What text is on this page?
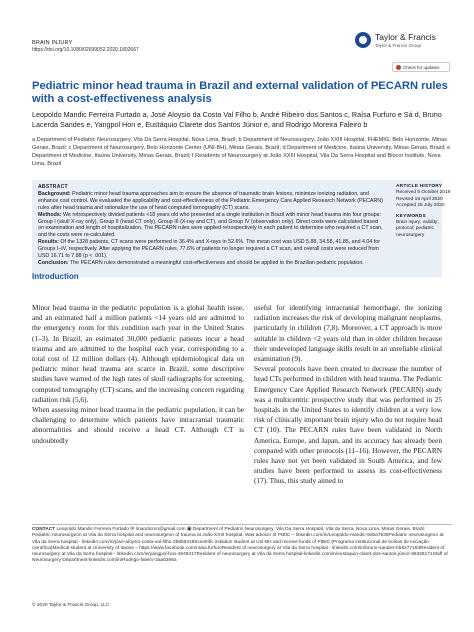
BRAIN INJURY
https://doi.org/10.1080/02699052.2020.1802667
Taylor & Francis
Taylor & Francis Group
Check for updates
Pediatric minor head trauma in Brazil and external validation of PECARN rules with a cost-effectiveness analysis
Leopoldo Mandic Ferreira Furtado a, José Aloysio da Costa Val Filho b, André Ribeiro dos Santos c, Raísa Furfuro e Sá d, Bruno Lacerda Sandes e, Yangpol Hon e, Eustáquio Clarete dos Santos Júnior e, and Rodrigo Moreira Faleiro b
a Department of Pediatric Neurosurgery, Vila Da Serra Hospital, Nova Lima, Brazil; b Department of Neurosurgery, João XXIII Hospital, FHEMIG, Belo Horizonte, Minas Gerais, Brazil; c Department of Neurosurgery, Belo Horizonte Center (UNI-BH), Minas Gerais, Brazil; d Department of Medicine, Itaúna University, Minas Gerais, Brazil; e Department of Medicine, Itaúna University, Minas Gerais, Brazil; f Residents of Neurosurgery at João XXIII Hospital, Vila Da Serra Hospital and Biocor Institute, Nova Lima, Brazil
ABSTRACT
Background: Pediatric minor head trauma approaches aim to ensure the absence of traumatic brain lesions, minimize ionizing radiation, and enhance cost control. We evaluated the applicability and cost-effectiveness of the Pediatric Emergency Care Applied Research Network (PECARN) rules after head trauma and rationalize the use of head computed tomography (CT) scans.
Methods: We retrospectively divided patients <18 years old who presented at a single institution in Brazil with minor head trauma into four groups: Group I (skull X-ray only), Group II (head CT only), Group III (X-ray and CT), and Group IV (observation only). Direct costs were calculated based on examination and length of hospitalization. The PECARN rules were applied retrospectively in each patient to determine who required a CT scan, and the costs were re-calculated.
Results: Of the 1328 patients, CT scans were performed in 36.4% and X-rays in 52.6%. The mean cost was USD 5.88, 34.58, 41.85, and 4.04 for Groups I–IV, respectively. After applying the PECARN rules, 77.6% of patients no longer required a CT scan, and overall costs were reduced from USD 16.71 to 7.88 (p < .001).
Conclusion: The PECARN rules demonstrated a meaningful cost-effectiveness and should be applied to the Brazilian pediatric population.
ARTICLE HISTORY
Received 5 October 2019
Revised 18 April 2020
Accepted 25 July 2020
KEYWORDS
Brain injury; validity; protocol; pediatric neurosurgery
Introduction
Minor head trauma in the pediatric population is a global health issue, and an estimated half a million patients <14 years old are admitted to the emergency room for this condition each year in the United States (1–3). In Brazil, an estimated 30,000 pediatric patients incur a head trauma and are admitted to the hospital each year, corresponding to a total cost of 12 million dollars (4). Although epidemiological data on pediatric minor head trauma are scarce in Brazil, some descriptive studies have warned of the high rates of skull radiographs for screening, computed tomography (CT) scans, and the increasing concern regarding radiation risk (5,6).
When assessing minor head trauma in the pediatric population, it can be challenging to determine which patients have intracranial traumatic abnormalities and should receive a head CT. Although CT is undoubtedly
useful for identifying intracranial hemorrhage, the ionizing radiation increases the risk of developing malignant neoplasms, particularly in children (7,8). Moreover, a CT approach is more suitable in children <2 years old than in older children because their undeveloped language skills result in an unreliable clinical examination (9).
Several protocols have been created to decrease the number of head CTs performed in children with head trauma. The Pediatric Emergency Care Applied Research Network (PECARN) study was a multicentric prospective study that was performed in 25 hospitals in the United States to identify children at a very low risk of clinically important brain injury who do not require head CT (10). The PECARN rules have been validated in North America, Europe, and Japan, and its accuracy has already been compared with other protocols (11–16). However, the PECARN rules have not yet been validated in South America, and few studies have been performed to assess its cost-effectiveness (17). Thus, this study aimed to
CONTACT Leopoldo Mandic Ferreira Furtado ✉ lmandicnm@gmail.com ▣ Department of Pediatric Neurosurgery, Vila Da Serra Hospital, Vila da Serra, Nova Lima, Minas Gerais, Brazil
Pediatric neurosurgeon at Vila da Serra hospital and neurosurgeon of trauma at João XXIII hospital. Was advisor of PIBIC – linkedin.com/in/Leopoldo-mandic-92ba7935Pediatric neurosurgeon at Vila da Serra hospital - linkedin.com/in/jose-aloysio-costa-val-filho-2b8b6319Scientific initiation student at Uni-BH and receive funds of PIBIC (Programa institucional de bolsas de iniciação científica)Medical student at University of Itaúna – https://www.facebook.com/raisa.furfuroResident of neurosurgery at Vila da Serra hospital - linkedin.com/in/bruno-sandes-b58277163Resident of neurosurgery at Vila da Serra hospital - linkedin.com/in/yangpol-hon-4949417Resident of neurosurgery at Vila da Serra hospital-linkedin.com/in/eustaquio-claret-dos-santos-júnior-86328171Staff of Neurosurgery Department-linkedin.com/in/Rodrigo-faleiro-3aa0266a
© 2020 Taylor & Francis Group, LLC
